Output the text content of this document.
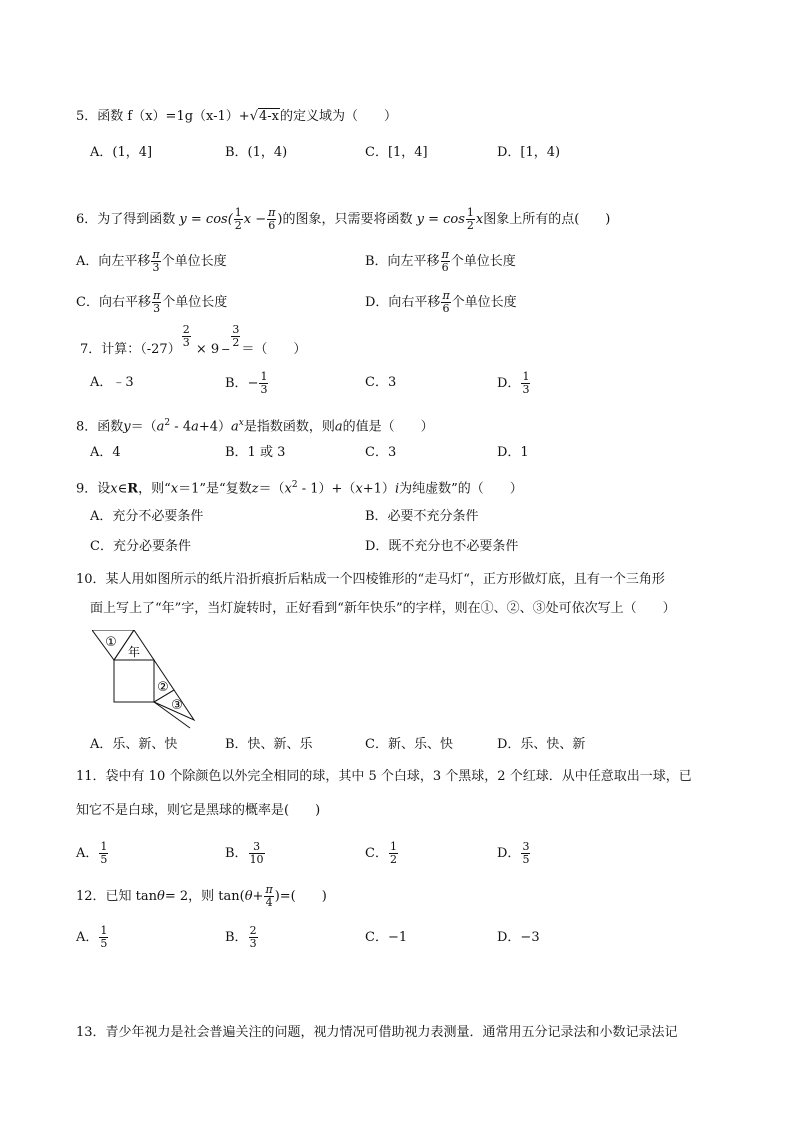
5．函数 f（x）=1g（x-1）+√4-x的定义域为（　　）
A．(1，4]	B．(1，4)	C．[1，4]	D．[1，4)
6．为了得到函数 $y = \cos( \frac{1}{2}$ $x - \frac{\pi}{6}$ )的图象，只需要将函数 $y = \cos \frac{1}{2}$ x图象上所有的点(　　)
A．向左平移 $\frac{\pi}{3}$ 个单位长度	B．向左平移 $\frac{\pi}{6}$ 个单位长度
C．向右平移 $\frac{\pi}{3}$ 个单位长度	D．向右平移 $\frac{\pi}{6}$ 个单位长度
7．计算：（-27）
$\frac{2}{3}$
× 9 −
$\frac{3}{2}$
＝（　　）
A．﹣3	B．− $\frac{1}{3}$	C．3	D． $\frac{1}{3}$
8．函数$y=(a^2 - 4a+4)a^x$是指数函数，则a的值是（　　）
A．4	B．1 或 3	C．3	D．1
9．设x∈R，则“x＝1”是“复数$z=(x^2 - 1)+(x+1)i$为纯虚数”的（　　）
A．充分不必要条件	B．必要不充分条件
C．充分必要条件	D．既不充分也不必要条件
10．某人用如图所示的纸片沿折痕折后粘成一个四棱锥形的“走马灯“，正方形做灯底，且有一个三角形
面上写上了“年”字，当灯旋转时，正好看到“新年快乐”的字样，则在①、②、③处可依次写上（　　）
①
年
②
③
A．乐、新、快	B．快、新、乐	C．新、乐、快	D．乐、快、新
11．袋中有 10 个除颜色以外完全相同的球，其中 5 个白球，3 个黑球，2 个红球．从中任意取出一球，已
知它不是白球，则它是黑球的概率是(　　)
A． $\frac{1}{5}$	B． $\frac{3}{10}$	C． $\frac{1}{2}$	D． $\frac{3}{5}$
12．已知 tanθ= 2，则 $\tan(\theta+ \frac{\pi}{4}$ )=(　　)
A． $\frac{1}{5}$	B． $\frac{2}{3}$	C．−1	D．−3
13．青少年视力是社会普遍关注的问题，视力情况可借助视力表测量．通常用五分记录法和小数记录法记
